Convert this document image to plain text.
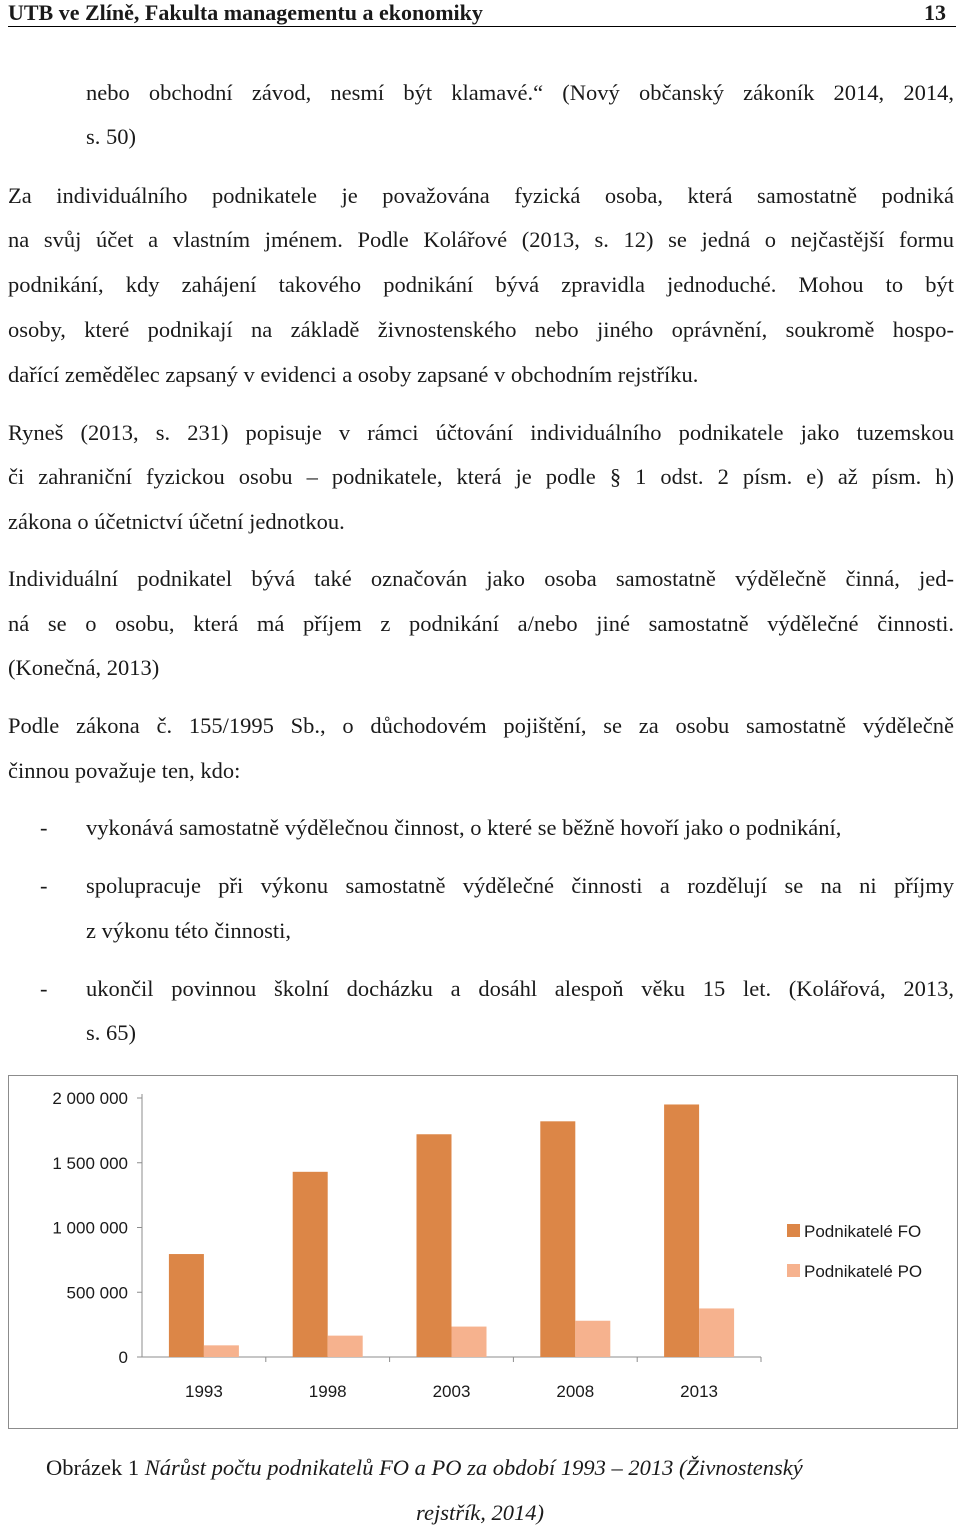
UTB ve Zlíně, Fakulta managementu a ekonomiky	13
nebo obchodní závod, nesmí být klamavé.“ (Nový občanský zákoník 2014, 2014,
s. 50)
Za individuálního podnikatele je považována fyzická osoba, která samostatně podniká
na svůj účet a vlastním jménem. Podle Kolářové (2013, s. 12) se jedná o nejčastější formu
podnikání, kdy zahájení takového podnikání bývá zpravidla jednoduché. Mohou to být
osoby, které podnikají na základě živnostenského nebo jiného oprávnění, soukromě hospo-
dařící zemědělec zapsaný v evidenci a osoby zapsané v obchodním rejstříku.
Ryneš (2013, s. 231) popisuje v rámci účtování individuálního podnikatele jako tuzemskou
či zahraniční fyzickou osobu – podnikatele, která je podle § 1 odst. 2 písm. e) až písm. h)
zákona o účetnictví účetní jednotkou.
Individuální podnikatel bývá také označován jako osoba samostatně výdělečně činná, jed-
ná se o osobu, která má příjem z podnikání a/nebo jiné samostatně výdělečné činnosti.
(Konečná, 2013)
Podle zákona č. 155/1995 Sb., o důchodovém pojištění, se za osobu samostatně výdělečně
činnou považuje ten, kdo:
- vykonává samostatně výdělečnou činnost, o které se běžně hovoří jako o podnikání,
- spolupracuje při výkonu samostatně výdělečné činnosti a rozdělují se na ni příjmy
z výkonu této činnosti,
- ukončil povinnou školní docházku a dosáhl alespoň věku 15 let. (Kolářová, 2013,
s. 65)
0
500 000
1 000 000
1 500 000
2 000 000
1993	1998	2003	2008	2013
Podnikatelé FO
Podnikatelé PO
Obrázek 1 Nárůst počtu podnikatelů FO a PO za období 1993 – 2013 (Živnostenský
rejstřík, 2014)
